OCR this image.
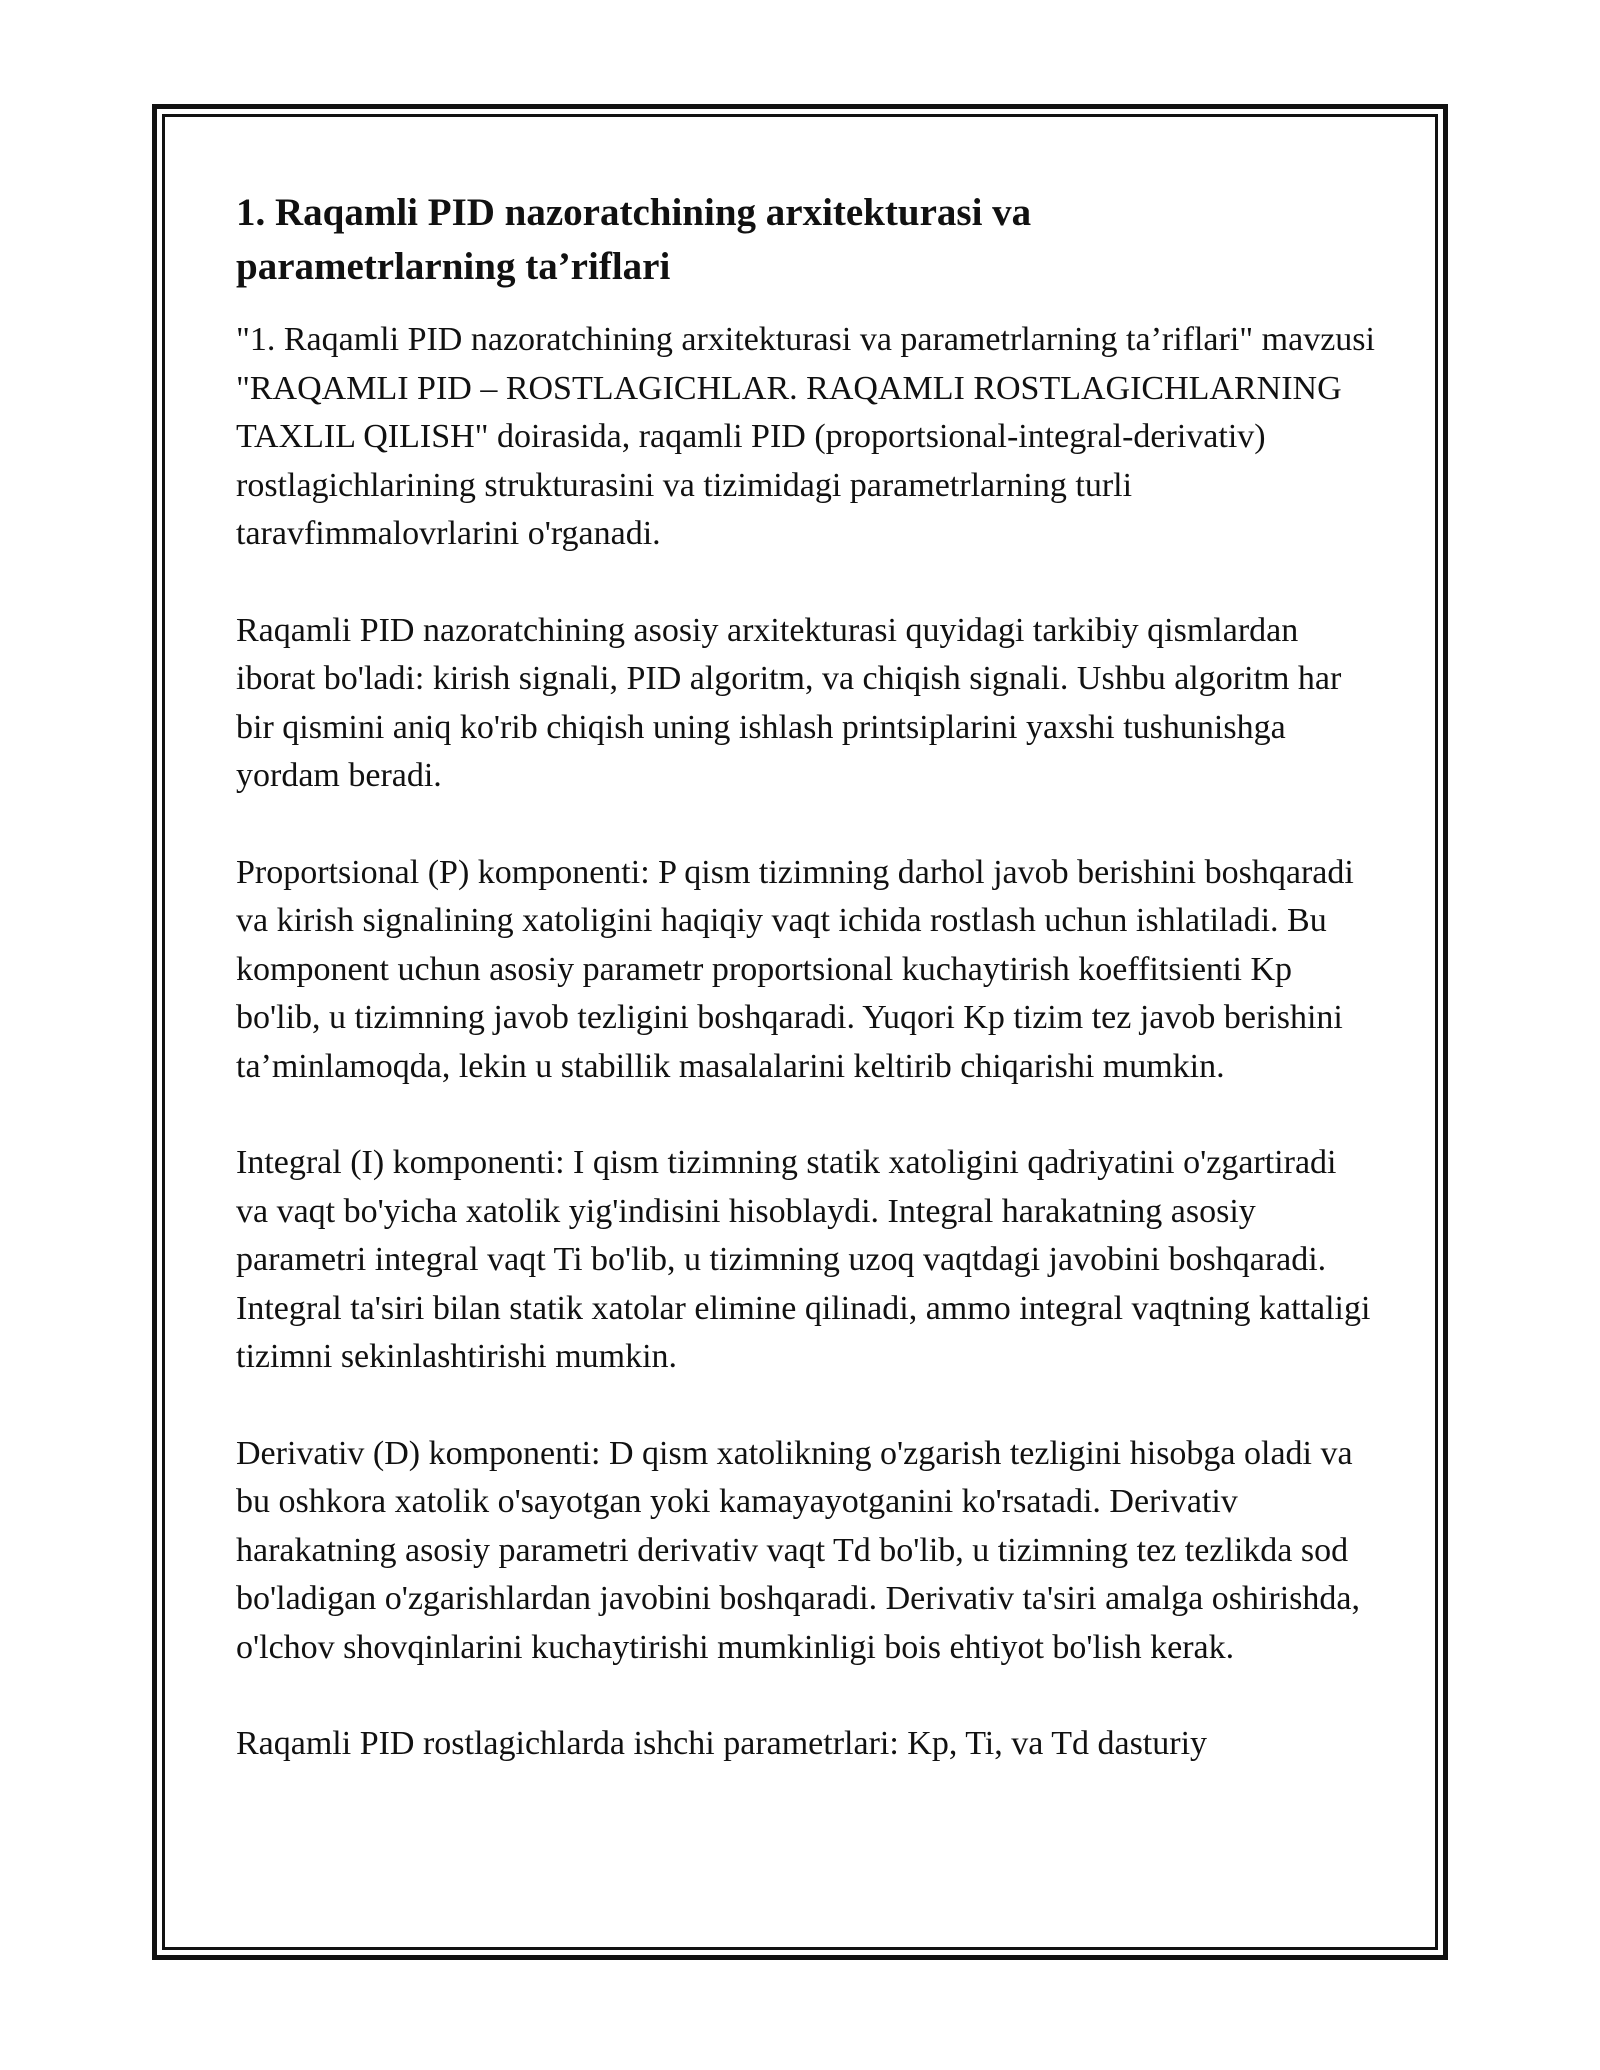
1. Raqamli PID nazoratchining arxitekturasi va parametrlarning ta’riflari

"1. Raqamli PID nazoratchining arxitekturasi va parametrlarning ta’riflari" mavzusi "RAQAMLI PID – ROSTLAGICHLAR. RAQAMLI ROSTLAGICHLARNING TAXLIL QILISH" doirasida, raqamli PID (proportsional-integral-derivativ) rostlagichlarining strukturasini va tizimidagi parametrlarning turli taravfimmalovrlarini o'rganadi.

Raqamli PID nazoratchining asosiy arxitekturasi quyidagi tarkibiy qismlardan iborat bo'ladi: kirish signali, PID algoritm, va chiqish signali. Ushbu algoritm har bir qismini aniq ko'rib chiqish uning ishlash printsiplarini yaxshi tushunishga yordam beradi.

Proportsional (P) komponenti: P qism tizimning darhol javob berishini boshqaradi va kirish signalining xatoligini haqiqiy vaqt ichida rostlash uchun ishlatiladi. Bu komponent uchun asosiy parametr proportsional kuchaytirish koeffitsienti Kp bo'lib, u tizimning javob tezligini boshqaradi. Yuqori Kp tizim tez javob berishini ta’minlamoqda, lekin u stabillik masalalarini keltirib chiqarishi mumkin.

Integral (I) komponenti: I qism tizimning statik xatoligini qadriyatini o'zgartiradi va vaqt bo'yicha xatolik yig'indisini hisoblaydi. Integral harakatning asosiy parametri integral vaqt Ti bo'lib, u tizimning uzoq vaqtdagi javobini boshqaradi. Integral ta'siri bilan statik xatolar elimine qilinadi, ammo integral vaqtning kattaligi tizimni sekinlashtirishi mumkin.

Derivativ (D) komponenti: D qism xatolikning o'zgarish tezligini hisobga oladi va bu oshkora xatolik o'sayotgan yoki kamayayotganini ko'rsatadi. Derivativ harakatning asosiy parametri derivativ vaqt Td bo'lib, u tizimning tez tezlikda sod bo'ladigan o'zgarishlardan javobini boshqaradi. Derivativ ta'siri amalga oshirishda, o'lchov shovqinlarini kuchaytirishi mumkinligi bois ehtiyot bo'lish kerak.

Raqamli PID rostlagichlarda ishchi parametrlari: Kp, Ti, va Td dasturiy
